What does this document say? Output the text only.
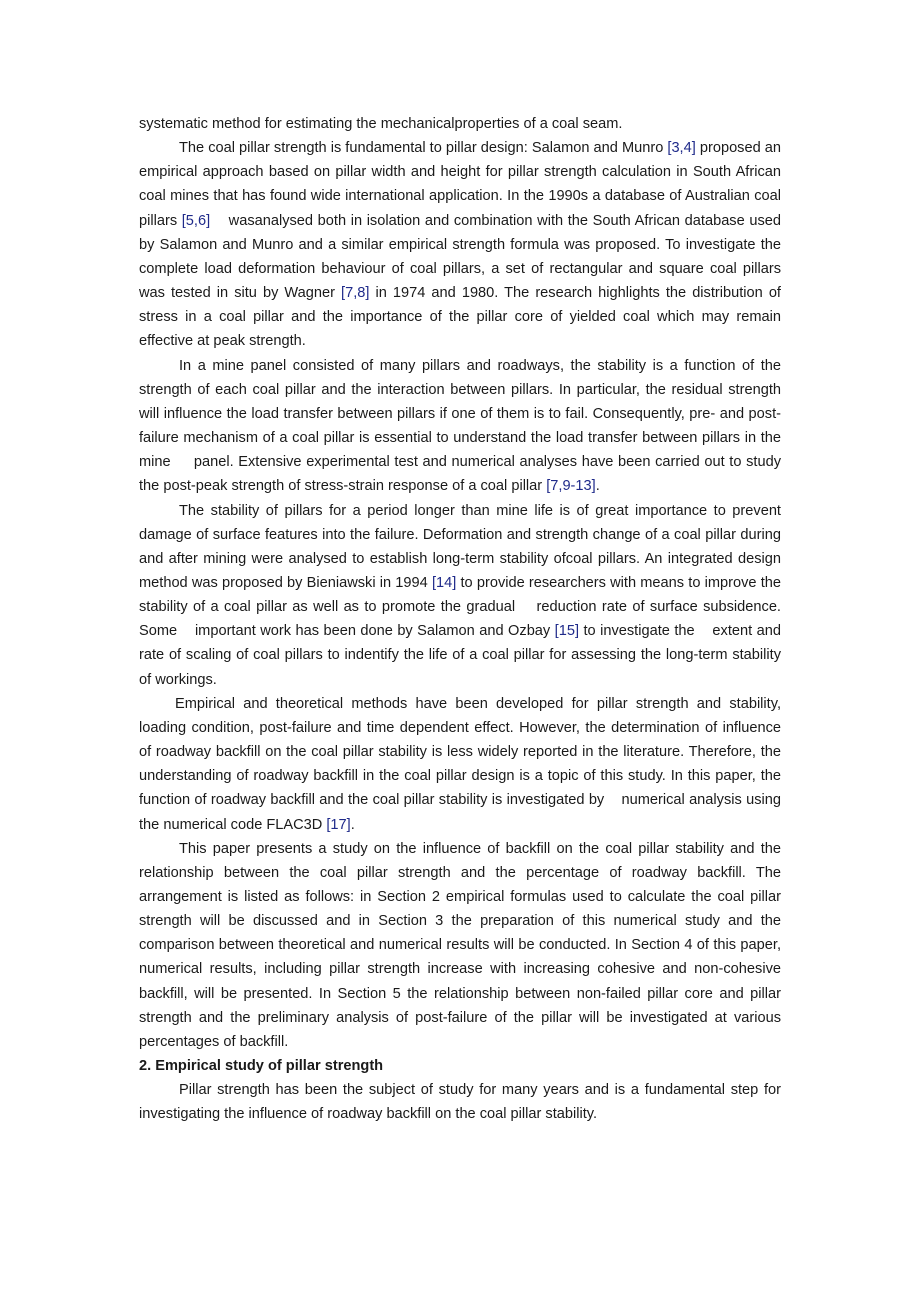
systematic method for estimating the mechanicalproperties of a coal seam.

The coal pillar strength is fundamental to pillar design: Salamon and Munro [3,4] proposed an empirical approach based on pillar width and height for pillar strength calculation in South African coal mines that has found wide international application. In the 1990s a database of Australian coal pillars [5,6]    wasanalysed both in isolation and combination with the South African database used by Salamon and Munro and a similar empirical strength formula was proposed. To investigate the complete load deformation behaviour of coal pillars, a set of rectangular and square coal pillars was tested in situ by Wagner [7,8] in 1974 and 1980. The research highlights the distribution of stress in a coal pillar and the importance of the pillar core of yielded coal which may remain effective at peak strength.

In a mine panel consisted of many pillars and roadways, the stability is a function of the strength of each coal pillar and the interaction between pillars. In particular, the residual strength will influence the load transfer between pillars if one of them is to fail. Consequently, pre- and post-failure mechanism of a coal pillar is essential to understand the load transfer between pillars in the mine     panel. Extensive experimental test and numerical analyses have been carried out to study the post-peak strength of stress-strain response of a coal pillar [7,9-13].

The stability of pillars for a period longer than mine life is of great importance to prevent damage of surface features into the failure. Deformation and strength change of a coal pillar during and after mining were analysed to establish long-term stability ofcoal pillars. An integrated design method was proposed by Bieniawski in 1994 [14] to provide researchers with means to improve the stability of a coal pillar as well as to promote the gradual    reduction rate of surface subsidence. Some    important work has been done by Salamon and Ozbay [15] to investigate the    extent and rate of scaling of coal pillars to indentify the life of a coal pillar for assessing the long-term stability of workings.

Empirical and theoretical methods have been developed for pillar strength and stability, loading condition, post-failure and time dependent effect. However, the determination of influence of roadway backfill on the coal pillar stability is less widely reported in the literature. Therefore, the understanding of roadway backfill in the coal pillar design is a topic of this study. In this paper, the function of roadway backfill and the coal pillar stability is investigated by    numerical analysis using the numerical code FLAC3D [17].

This paper presents a study on the influence of backfill on the coal pillar stability and the relationship between the coal pillar strength and the percentage of roadway backfill. The arrangement is listed as follows: in Section 2 empirical formulas used to calculate the coal pillar strength will be discussed and in Section 3 the preparation of this numerical study and the comparison between theoretical and numerical results will be conducted. In Section 4 of this paper, numerical results, including pillar strength increase with increasing cohesive and non-cohesive backfill, will be presented. In Section 5 the relationship between non-failed pillar core and pillar strength and the preliminary analysis of post-failure of the pillar will be investigated at various percentages of backfill.

2. Empirical study of pillar strength

Pillar strength has been the subject of study for many years and is a fundamental step for investigating the influence of roadway backfill on the coal pillar stability.
